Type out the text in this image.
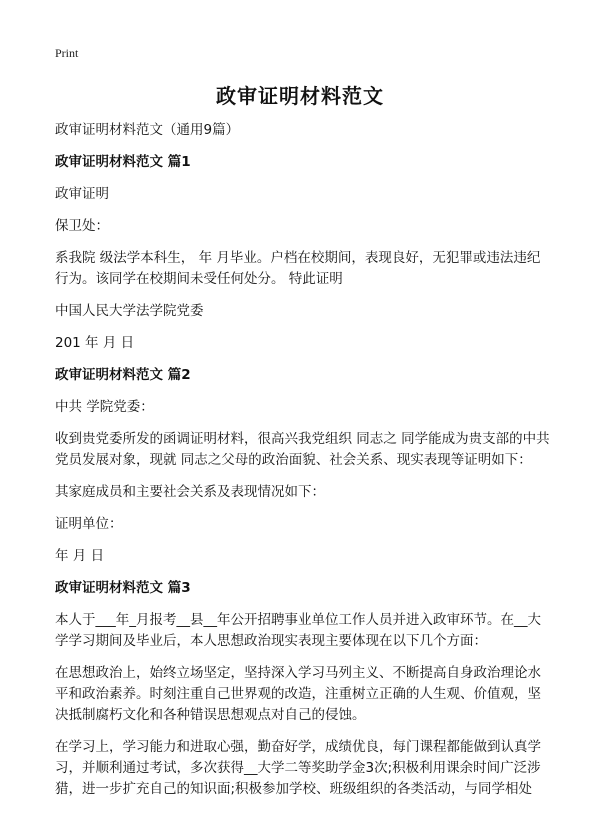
Print
政审证明材料范文

政审证明材料范文（通用9篇）

政审证明材料范文 篇1

政审证明

保卫处：

系我院 级法学本科生， 年 月毕业。户档在校期间，表现良好，无犯罪或违法违纪行为。该同学在校期间未受任何处分。 特此证明

中国人民大学法学院党委

201 年 月 日

政审证明材料范文 篇2

中共 学院党委：

收到贵党委所发的函调证明材料，很高兴我党组织 同志之 同学能成为贵支部的中共党员发展对象，现就 同志之父母的政治面貌、社会关系、现实表现等证明如下：

其家庭成员和主要社会关系及表现情况如下：

证明单位：

年 月 日

政审证明材料范文 篇3

本人于___年_月报考__县__年公开招聘事业单位工作人员并进入政审环节。在__大学学习期间及毕业后，本人思想政治现实表现主要体现在以下几个方面：

在思想政治上，始终立场坚定，坚持深入学习马列主义、不断提高自身政治理论水平和政治素养。时刻注重自己世界观的改造，注重树立正确的人生观、价值观，坚决抵制腐朽文化和各种错误思想观点对自己的侵蚀。

在学习上，学习能力和进取心强，勤奋好学，成绩优良，每门课程都能做到认真学习，并顺利通过考试，多次获得__大学二等奖助学金3次;积极利用课余时间广泛涉猎，进一步扩充自己的知识面;积极参加学校、班级组织的各类活动，与同学相处
